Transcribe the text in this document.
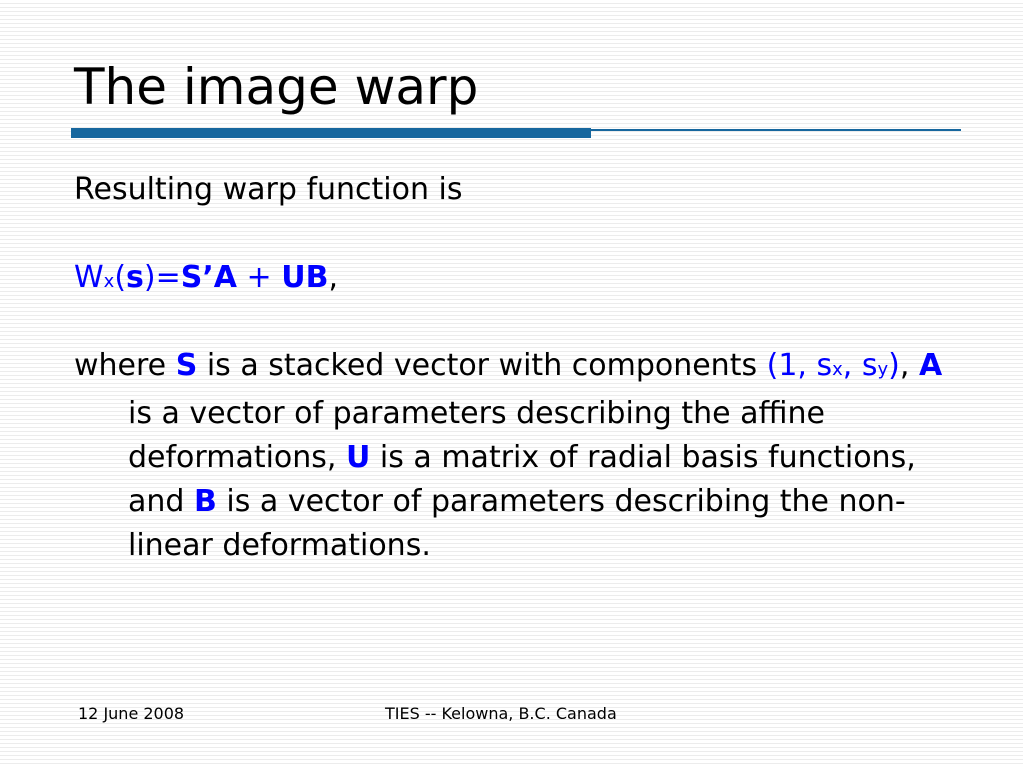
The image warp

Resulting warp function is

Wx(s)=S’A + UB,

where S is a stacked vector with components (1, sx, sy), A is a vector of parameters describing the affine deformations, U is a matrix of radial basis functions, and B is a vector of parameters describing the non-linear deformations.

12 June 2008	TIES -- Kelowna, B.C. Canada
